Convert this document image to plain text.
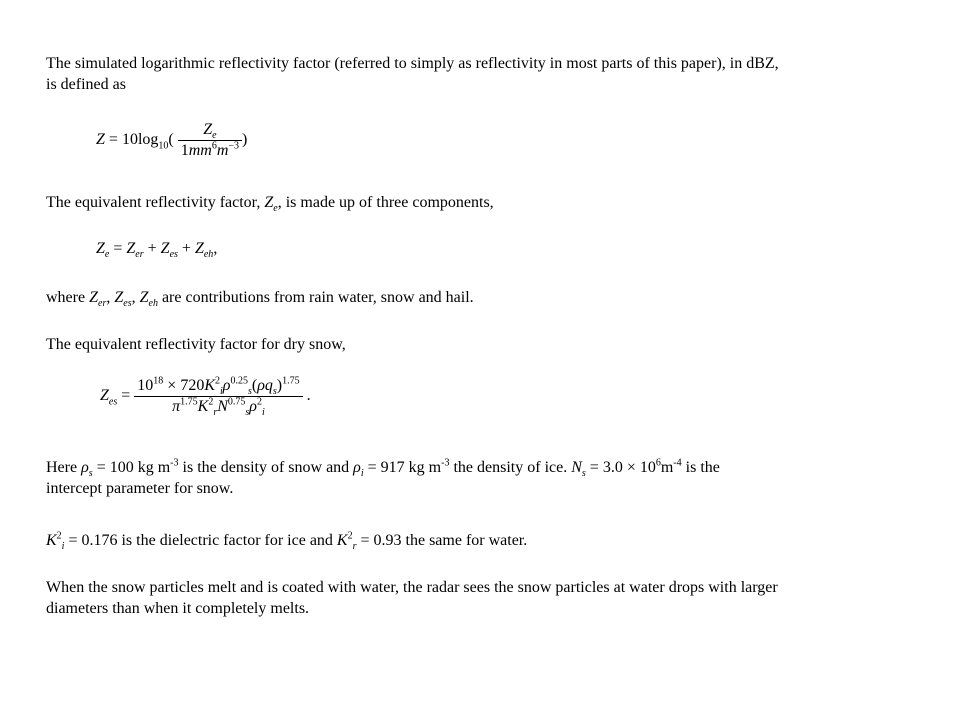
The simulated logarithmic reflectivity factor (referred to simply as reflectivity in most parts of this paper), in dBZ,
is defined as

$Z = 10\log_{10}( \frac{Z_e}{1mm^6m^{-3}}$ )

The equivalent reflectivity factor, $Z_e$, is made up of three components,

$Z_e = Z_{er} + Z_{es} + Z_{eh}$,

where $Z_{er}$, $Z_{es}$, $Z_{eh}$ are contributions from rain water, snow and hail.

The equivalent reflectivity factor for dry snow,

$Z_{es} = \frac{10^{18} \times 720K^2_i\rho^{0.25}_s(\rho q_s)^{1.75}}{\pi^{1.75}K^2_rN^{0.75}_s\rho^2_i}$ .

Here $\rho_s = 100$ kg $m^{-3}$ is the density of snow and $\rho_i = 917$ kg $m^{-3}$ the density of ice. $N_s = 3.0 \times 10^6m^{-4}$ is the
intercept parameter for snow.

$K^2_i = 0.176$ is the dielectric factor for ice and $K^2_r = 0.93$ the same for water.

When the snow particles melt and is coated with water, the radar sees the snow particles at water drops with larger
diameters than when it completely melts.
